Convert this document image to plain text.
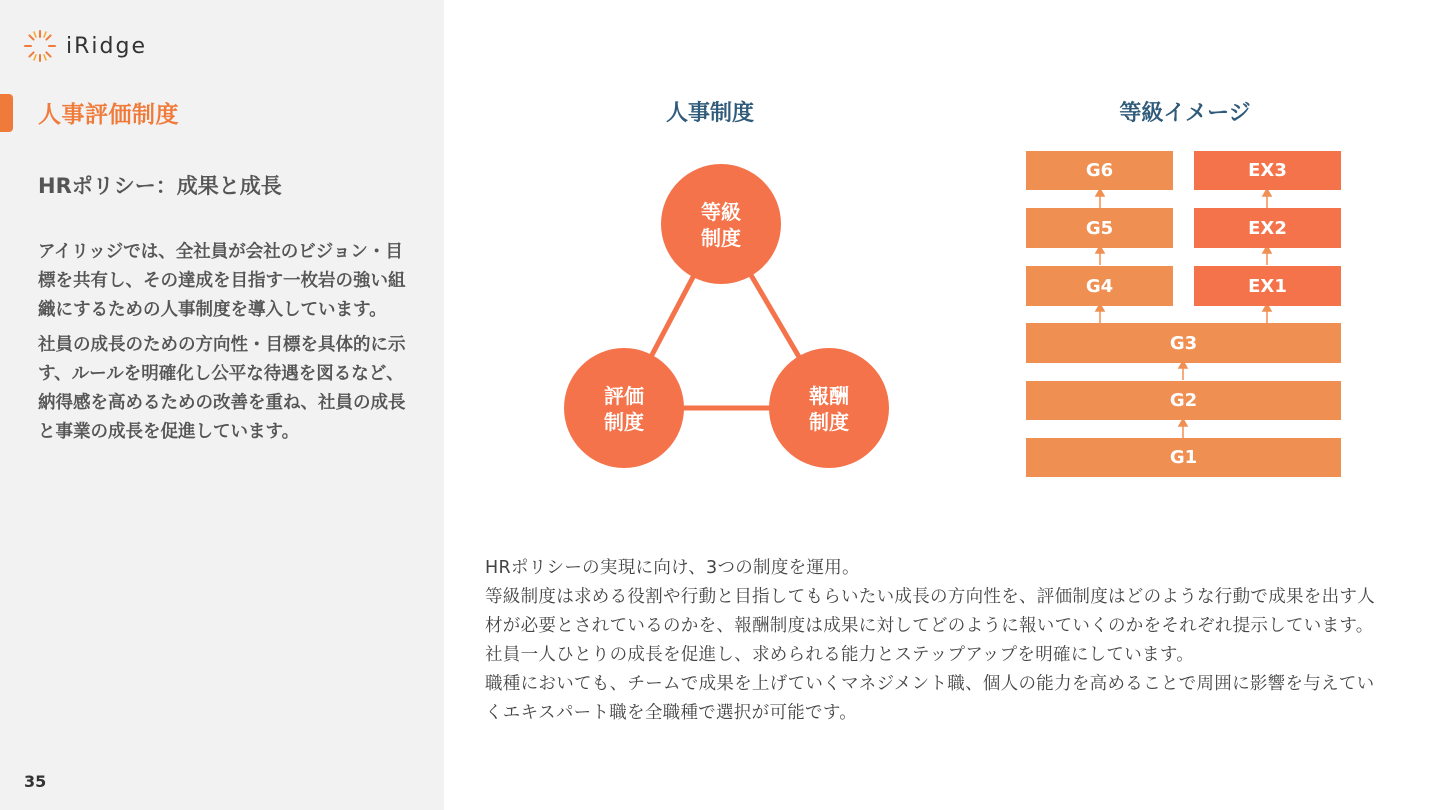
iRidge
人事評価制度
HRポリシー：成果と成長

アイリッジでは、全社員が会社のビジョン・目標を共有し、その達成を目指す一枚岩の強い組織にするための人事制度を導入しています。

社員の成長のための方向性・目標を具体的に示す、ルールを明確化し公平な待遇を図るなど、納得感を高めるための改善を重ね、社員の成長と事業の成長を促進しています。

35
人事制度	等級イメージ
等級
制度
評価
制度
報酬
制度
G6
G5
G4
EX3
EX2
EX1
G3
G2
G1

HRポリシーの実現に向け、3つの制度を運用。

等級制度は求める役割や行動と目指してもらいたい成長の方向性を、評価制度はどのような行動で成果を出す人材が必要とされているのかを、報酬制度は成果に対してどのように報いていくのかをそれぞれ提示しています。社員一人ひとりの成長を促進し、求められる能力とステップアップを明確にしています。

職種においても、チームで成果を上げていくマネジメント職、個人の能力を高めることで周囲に影響を与えていくエキスパート職を全職種で選択が可能です。
